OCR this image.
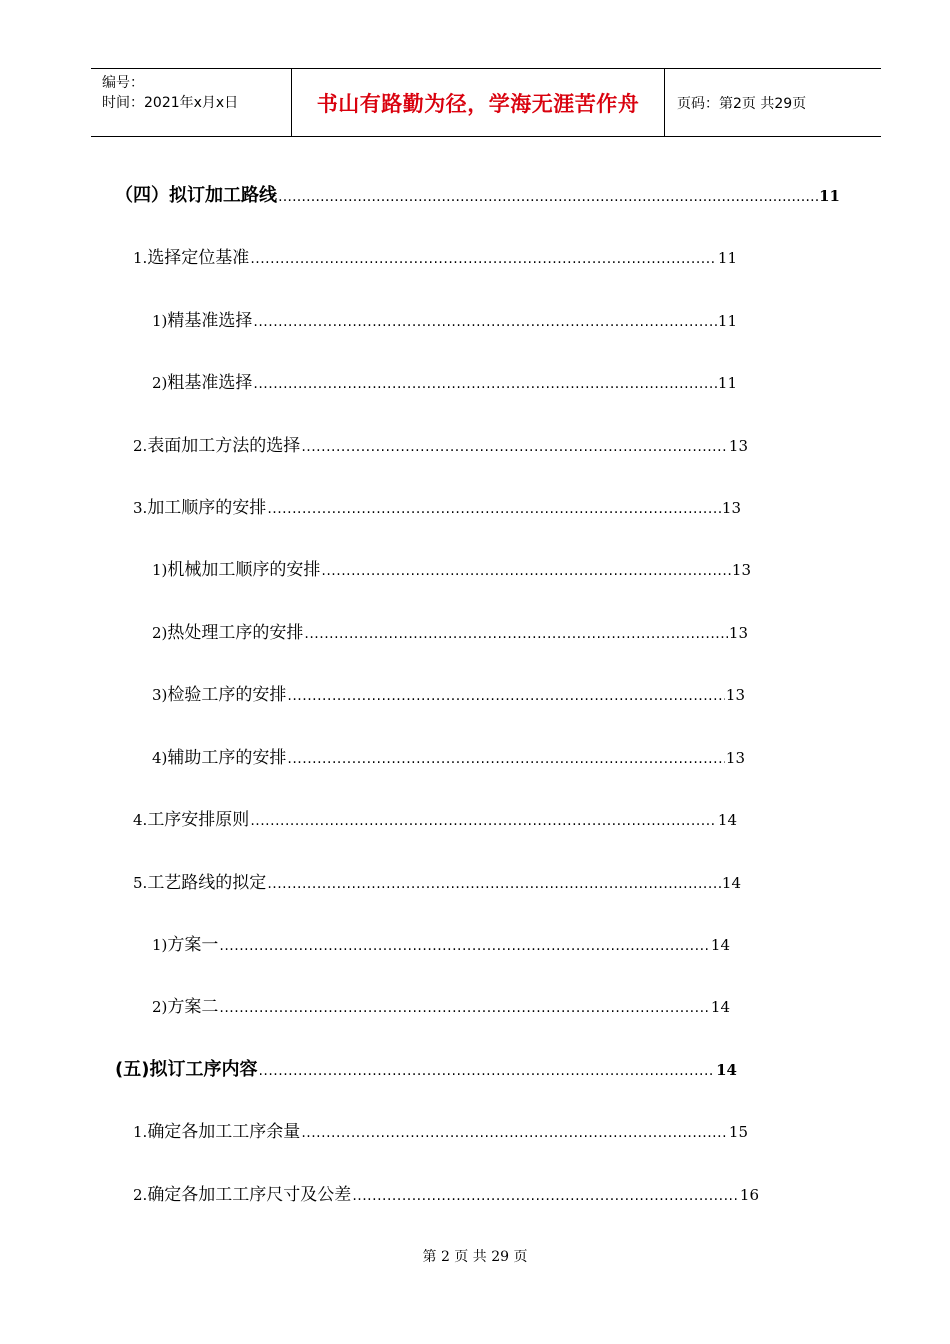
编号：
时间：2021年x月x日	书山有路勤为径，学海无涯苦作舟	页码：第2页 共29页
（四）拟订加工路线 ……………………………………………………………………………………………………………………………………………………	11
1. 选择定位基准 .....	11
1) 精基准选择 .....	11
2) 粗基准选择 .....	11
2. 表面加工方法的选择 .....	13
3. 加工顺序的安排 .....	13
1) 机械加工顺序的安排 .....	13
2) 热处理工序的安排 .....	13
3) 检验工序的安排 .....	13
4) 辅助工序的安排 .....	13
4. 工序安排原则 .....	14
5. 工艺路线的拟定 .....	14
1) 方案一 .....	14
2) 方案二 .....	14
(五)拟订工序内容 .....	14
1. 确定各加工工序余量 .....	15
2. 确定各加工工序尺寸及公差 .....	16
第 2 页 共 29 页
